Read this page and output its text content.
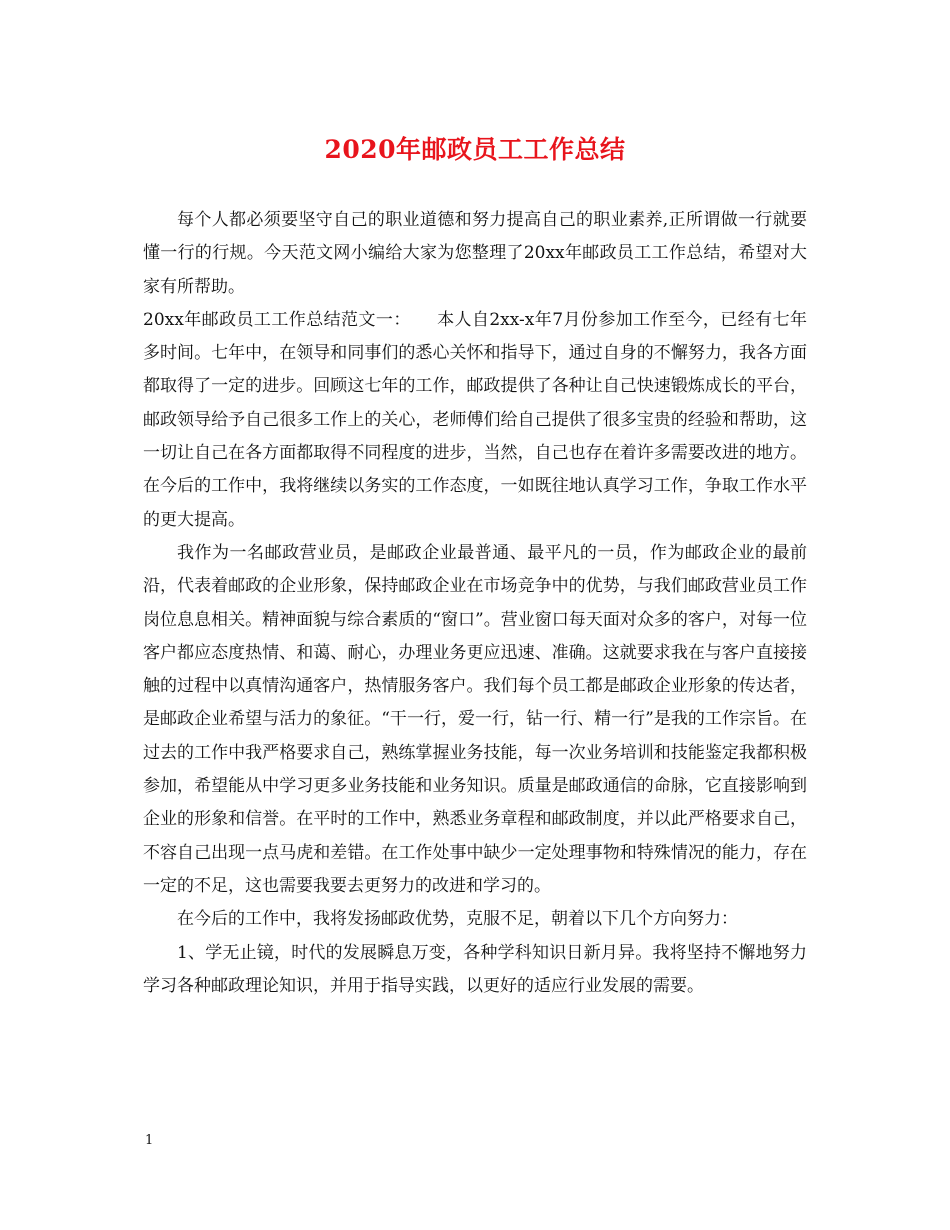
2020年邮政员工工作总结

每个人都必须要坚守自己的职业道德和努力提高自己的职业素养,正所谓做一行就要懂一行的行规。今天范文网小编给大家为您整理了20xx年邮政员工工作总结，希望对大家有所帮助。

20xx年邮政员工工作总结范文一：　　本人自2xx-x年7月份参加工作至今，已经有七年多时间。七年中，在领导和同事们的悉心关怀和指导下，通过自身的不懈努力，我各方面都取得了一定的进步。回顾这七年的工作，邮政提供了各种让自己快速锻炼成长的平台，邮政领导给予自己很多工作上的关心，老师傅们给自己提供了很多宝贵的经验和帮助，这一切让自己在各方面都取得不同程度的进步，当然，自己也存在着许多需要改进的地方。在今后的工作中，我将继续以务实的工作态度，一如既往地认真学习工作，争取工作水平的更大提高。

我作为一名邮政营业员，是邮政企业最普通、最平凡的一员，作为邮政企业的最前沿，代表着邮政的企业形象，保持邮政企业在市场竞争中的优势，与我们邮政营业员工作岗位息息相关。精神面貌与综合素质的“窗口”。营业窗口每天面对众多的客户，对每一位客户都应态度热情、和蔼、耐心，办理业务更应迅速、准确。这就要求我在与客户直接接触的过程中以真情沟通客户，热情服务客户。我们每个员工都是邮政企业形象的传达者，是邮政企业希望与活力的象征。“干一行，爱一行，钻一行、精一行”是我的工作宗旨。在过去的工作中我严格要求自己，熟练掌握业务技能，每一次业务培训和技能鉴定我都积极参加，希望能从中学习更多业务技能和业务知识。质量是邮政通信的命脉，它直接影响到企业的形象和信誉。在平时的工作中，熟悉业务章程和邮政制度，并以此严格要求自己，不容自己出现一点马虎和差错。在工作处事中缺少一定处理事物和特殊情况的能力，存在一定的不足，这也需要我要去更努力的改进和学习的。

在今后的工作中，我将发扬邮政优势，克服不足，朝着以下几个方向努力：

1、学无止镜，时代的发展瞬息万变，各种学科知识日新月异。我将坚持不懈地努力学习各种邮政理论知识，并用于指导实践，以更好的适应行业发展的需要。

1
